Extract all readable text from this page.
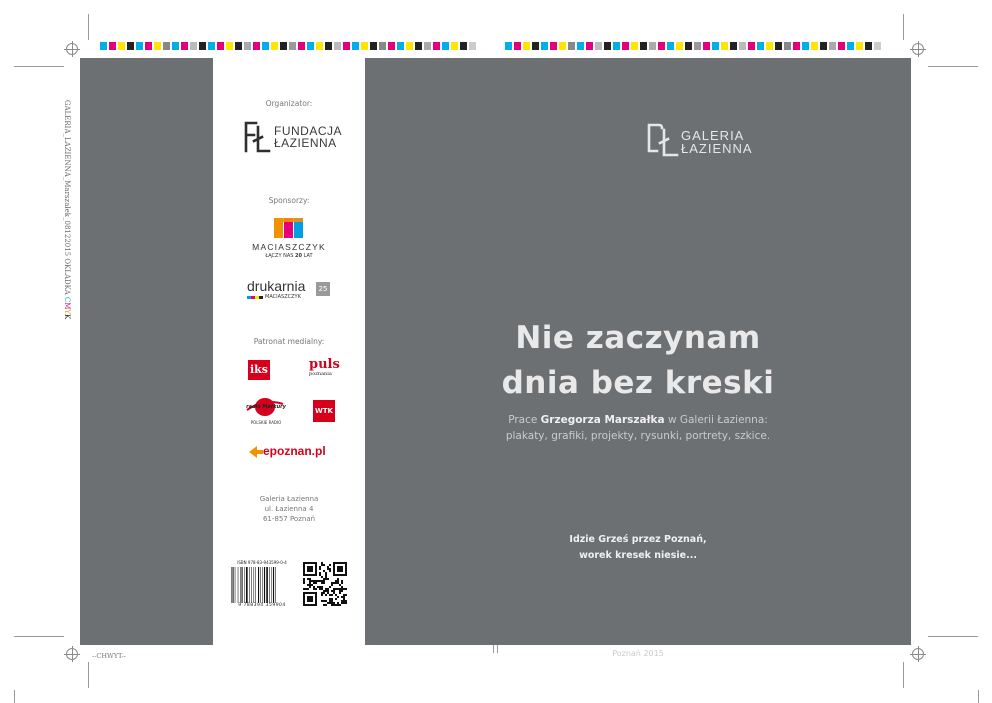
GALERIA_LAZIENNA_Marszalek_08122015 OKLADKA CMYK
--CHWYT--
Organizator:
FUNDACJA
ŁAZIENNA
Sponsorzy:
MACIASZCZYK
ŁĄCZY NAS 20 LAT
drukarnia
MACIASZCZYK
25
Patronat medialny:
iks	puls
poznania
radio Merkury
POLSKIE RADIO
WTK
epoznan.pl
Galeria Łazienna
ul. Łazienna 4
61-857 Poznań
ISBN 978-83-943599-0-4
9 788394 359904
GALERIA
ŁAZIENNA
Nie zaczynam
dnia bez kreski
Prace Grzegorza Marszałka w Galerii Łazienna:
plakaty, grafiki, projekty, rysunki, portrety, szkice.
Idzie Grześ przez Poznań,
worek kresek niesie...
Poznań 2015
